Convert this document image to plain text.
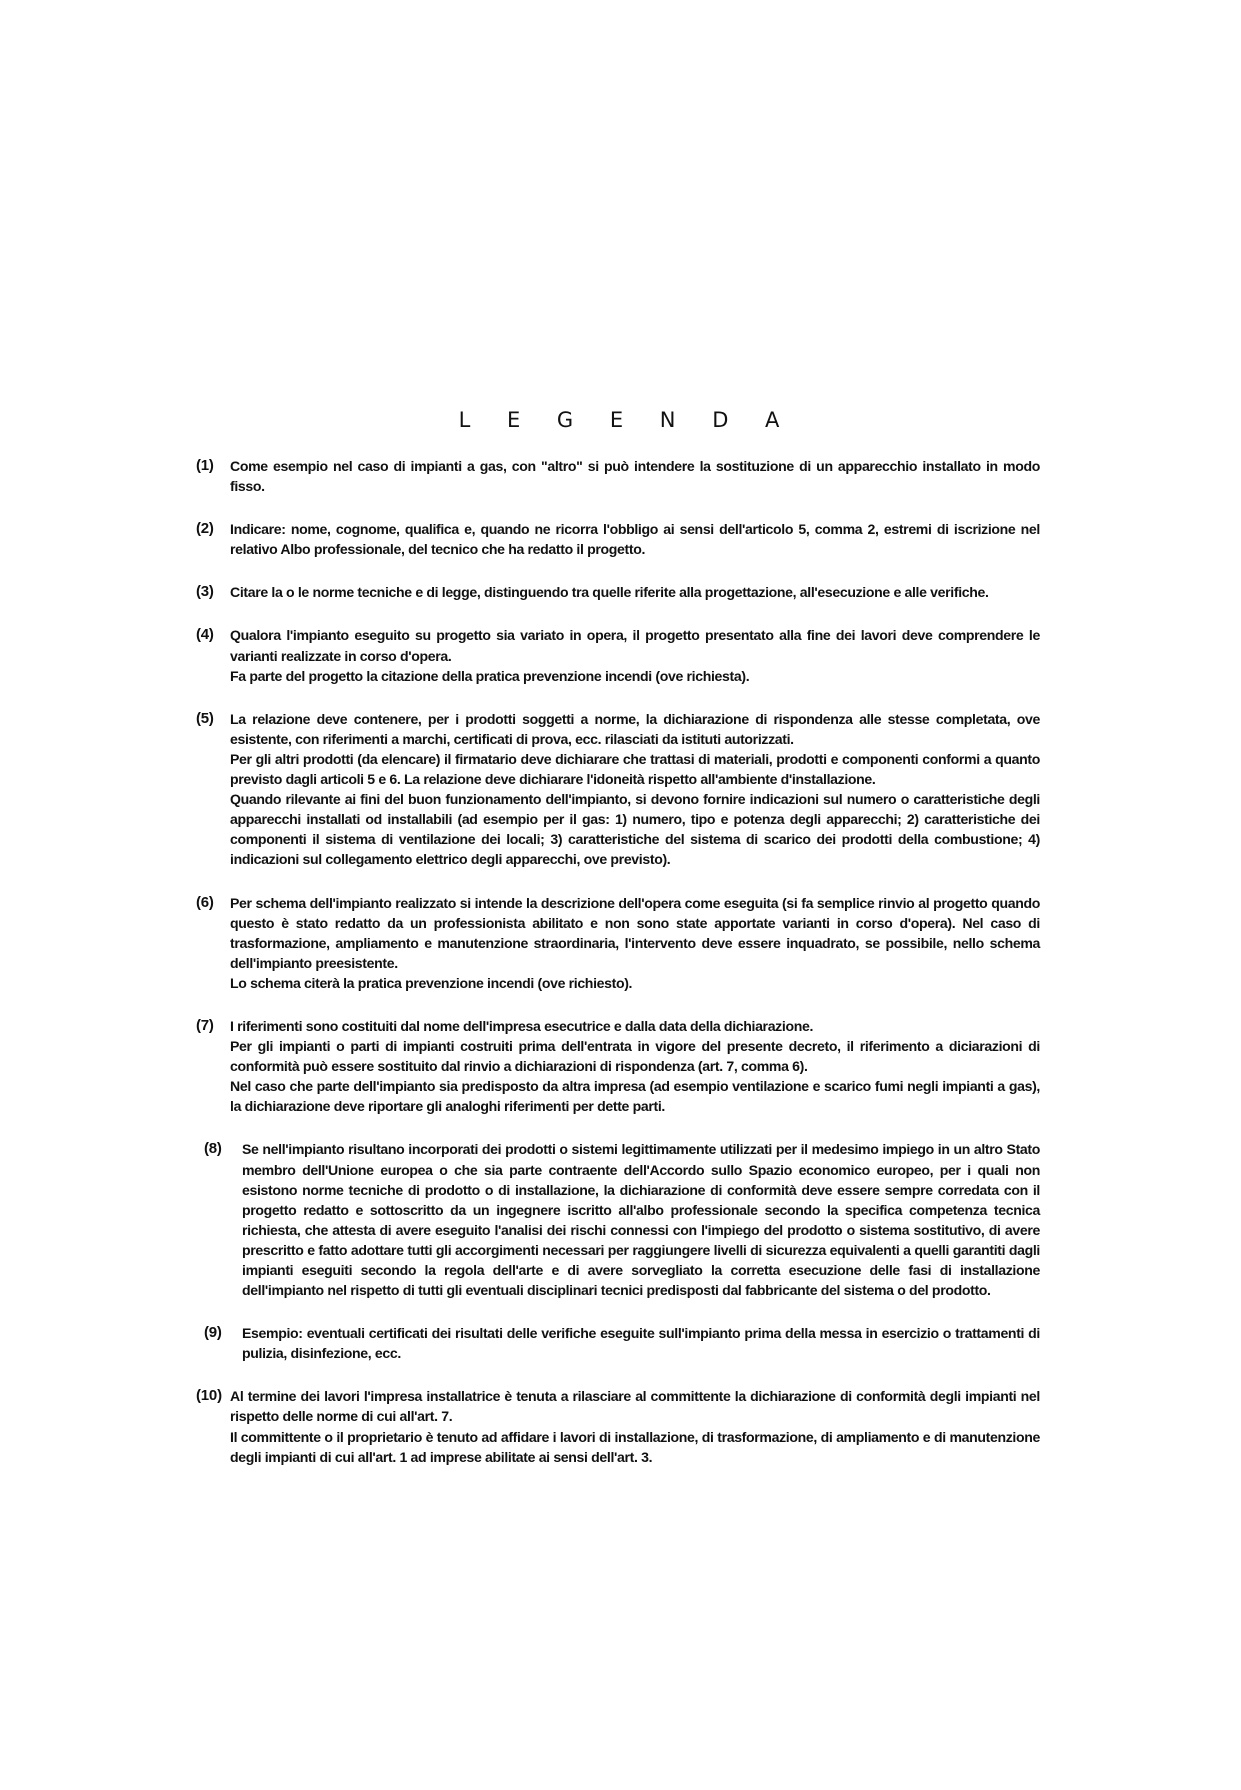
L E G E N D A
(1)	Come esempio nel caso di impianti a gas, con "altro" si può intendere la sostituzione di un apparecchio installato in modo fisso.

(2)	Indicare: nome, cognome, qualifica e, quando ne ricorra l'obbligo ai sensi dell'articolo 5, comma 2, estremi di iscrizione nel relativo Albo professionale, del tecnico che ha redatto il progetto.

(3)	Citare la o le norme tecniche e di legge, distinguendo tra quelle riferite alla progettazione, all'esecuzione e alle verifiche.

(4)	Qualora l'impianto eseguito su progetto sia variato in opera, il progetto presentato alla fine dei lavori deve comprendere le varianti realizzate in corso d'opera.

Fa parte del progetto la citazione della pratica prevenzione incendi (ove richiesta).

(5)	La relazione deve contenere, per i prodotti soggetti a norme, la dichiarazione di rispondenza alle stesse completata, ove esistente, con riferimenti a marchi, certificati di prova, ecc. rilasciati da istituti autorizzati.

Per gli altri prodotti (da elencare) il firmatario deve dichiarare che trattasi di materiali, prodotti e componenti conformi a quanto previsto dagli articoli 5 e 6. La relazione deve dichiarare l'idoneità rispetto all'ambiente d'installazione.

Quando rilevante ai fini del buon funzionamento dell'impianto, si devono fornire indicazioni sul numero o caratteristiche degli apparecchi installati od installabili (ad esempio per il gas: 1) numero, tipo e potenza degli apparecchi; 2) caratteristiche dei componenti il sistema di ventilazione dei locali; 3) caratteristiche del sistema di scarico dei prodotti della combustione; 4) indicazioni sul collegamento elettrico degli apparecchi, ove previsto).

(6)	Per schema dell'impianto realizzato si intende la descrizione dell'opera come eseguita (si fa semplice rinvio al progetto quando questo è stato redatto da un professionista abilitato e non sono state apportate varianti in corso d'opera). Nel caso di trasformazione, ampliamento e manutenzione straordinaria, l'intervento deve essere inquadrato, se possibile, nello schema dell'impianto preesistente.

Lo schema citerà la pratica prevenzione incendi (ove richiesto).

(7)	I riferimenti sono costituiti dal nome dell'impresa esecutrice e dalla data della dichiarazione.

Per gli impianti o parti di impianti costruiti prima dell'entrata in vigore del presente decreto, il riferimento a diciarazioni di conformità può essere sostituito dal rinvio a dichiarazioni di rispondenza (art. 7, comma 6).

Nel caso che parte dell'impianto sia predisposto da altra impresa (ad esempio ventilazione e scarico fumi negli impianti a gas), la dichiarazione deve riportare gli analoghi riferimenti per dette parti.

(8)	Se nell'impianto risultano incorporati dei prodotti o sistemi legittimamente utilizzati per il medesimo impiego in un altro Stato membro dell'Unione europea o che sia parte contraente dell'Accordo sullo Spazio economico europeo, per i quali non esistono norme tecniche di prodotto o di installazione, la dichiarazione di conformità deve essere sempre corredata con il progetto redatto e sottoscritto da un ingegnere iscritto all'albo professionale secondo la specifica competenza tecnica richiesta, che attesta di avere eseguito l'analisi dei rischi connessi con l'impiego del prodotto o sistema sostitutivo, di avere prescritto e fatto adottare tutti gli accorgimenti necessari per raggiungere livelli di sicurezza equivalenti a quelli garantiti dagli impianti eseguiti secondo la regola dell'arte e di avere sorvegliato la corretta esecuzione delle fasi di installazione dell'impianto nel rispetto di tutti gli eventuali disciplinari tecnici predisposti dal fabbricante del sistema o del prodotto.

(9)	Esempio: eventuali certificati dei risultati delle verifiche eseguite sull'impianto prima della messa in esercizio o trattamenti di pulizia, disinfezione, ecc.

(10) Al termine dei lavori l'impresa installatrice è tenuta a rilasciare al committente la dichiarazione di conformità degli impianti nel rispetto delle norme di cui all'art. 7.

Il committente o il proprietario è tenuto ad affidare i lavori di installazione, di trasformazione, di ampliamento e di manutenzione degli impianti di cui all'art. 1 ad imprese abilitate ai sensi dell'art. 3.
